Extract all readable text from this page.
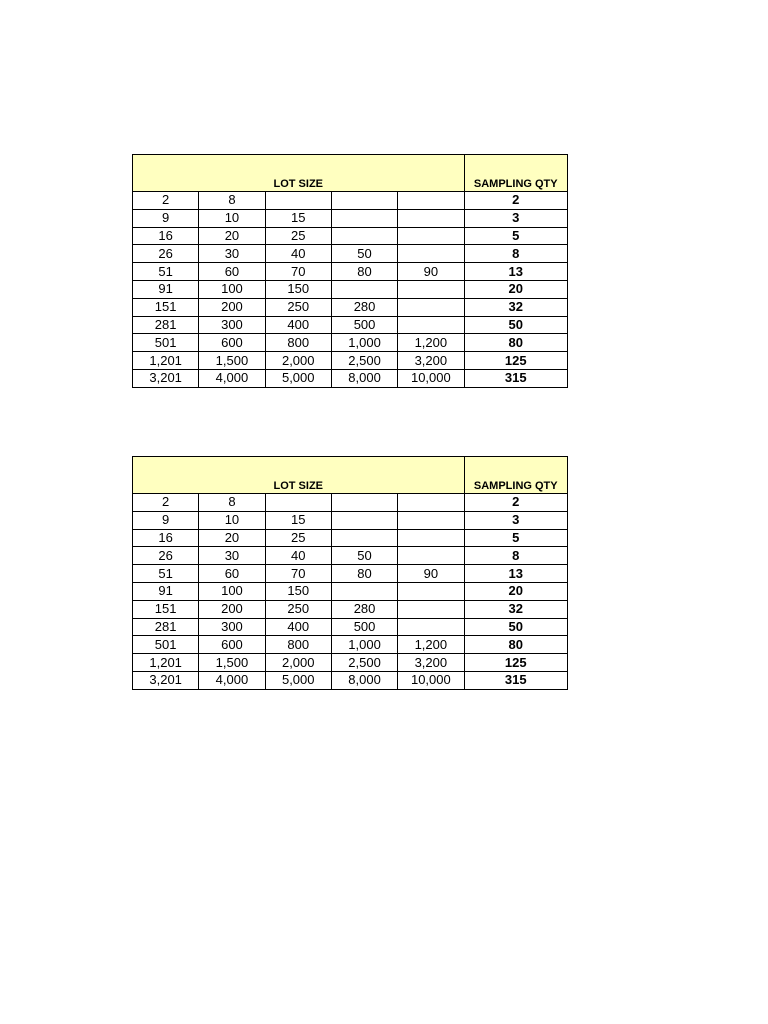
LOT SIZE					SAMPLING QTY
2	8				2
9	10	15			3
16	20	25			5
26	30	40	50		8
51	60	70	80	90	13
91	100	150			20
151	200	250	280		32
281	300	400	500		50
501	600	800	1,000	1,200	80
1,201	1,500	2,000	2,500	3,200	125
3,201	4,000	5,000	8,000	10,000	315
LOT SIZE					SAMPLING QTY
2	8				2
9	10	15			3
16	20	25			5
26	30	40	50		8
51	60	70	80	90	13
91	100	150			20
151	200	250	280		32
281	300	400	500		50
501	600	800	1,000	1,200	80
1,201	1,500	2,000	2,500	3,200	125
3,201	4,000	5,000	8,000	10,000	315
